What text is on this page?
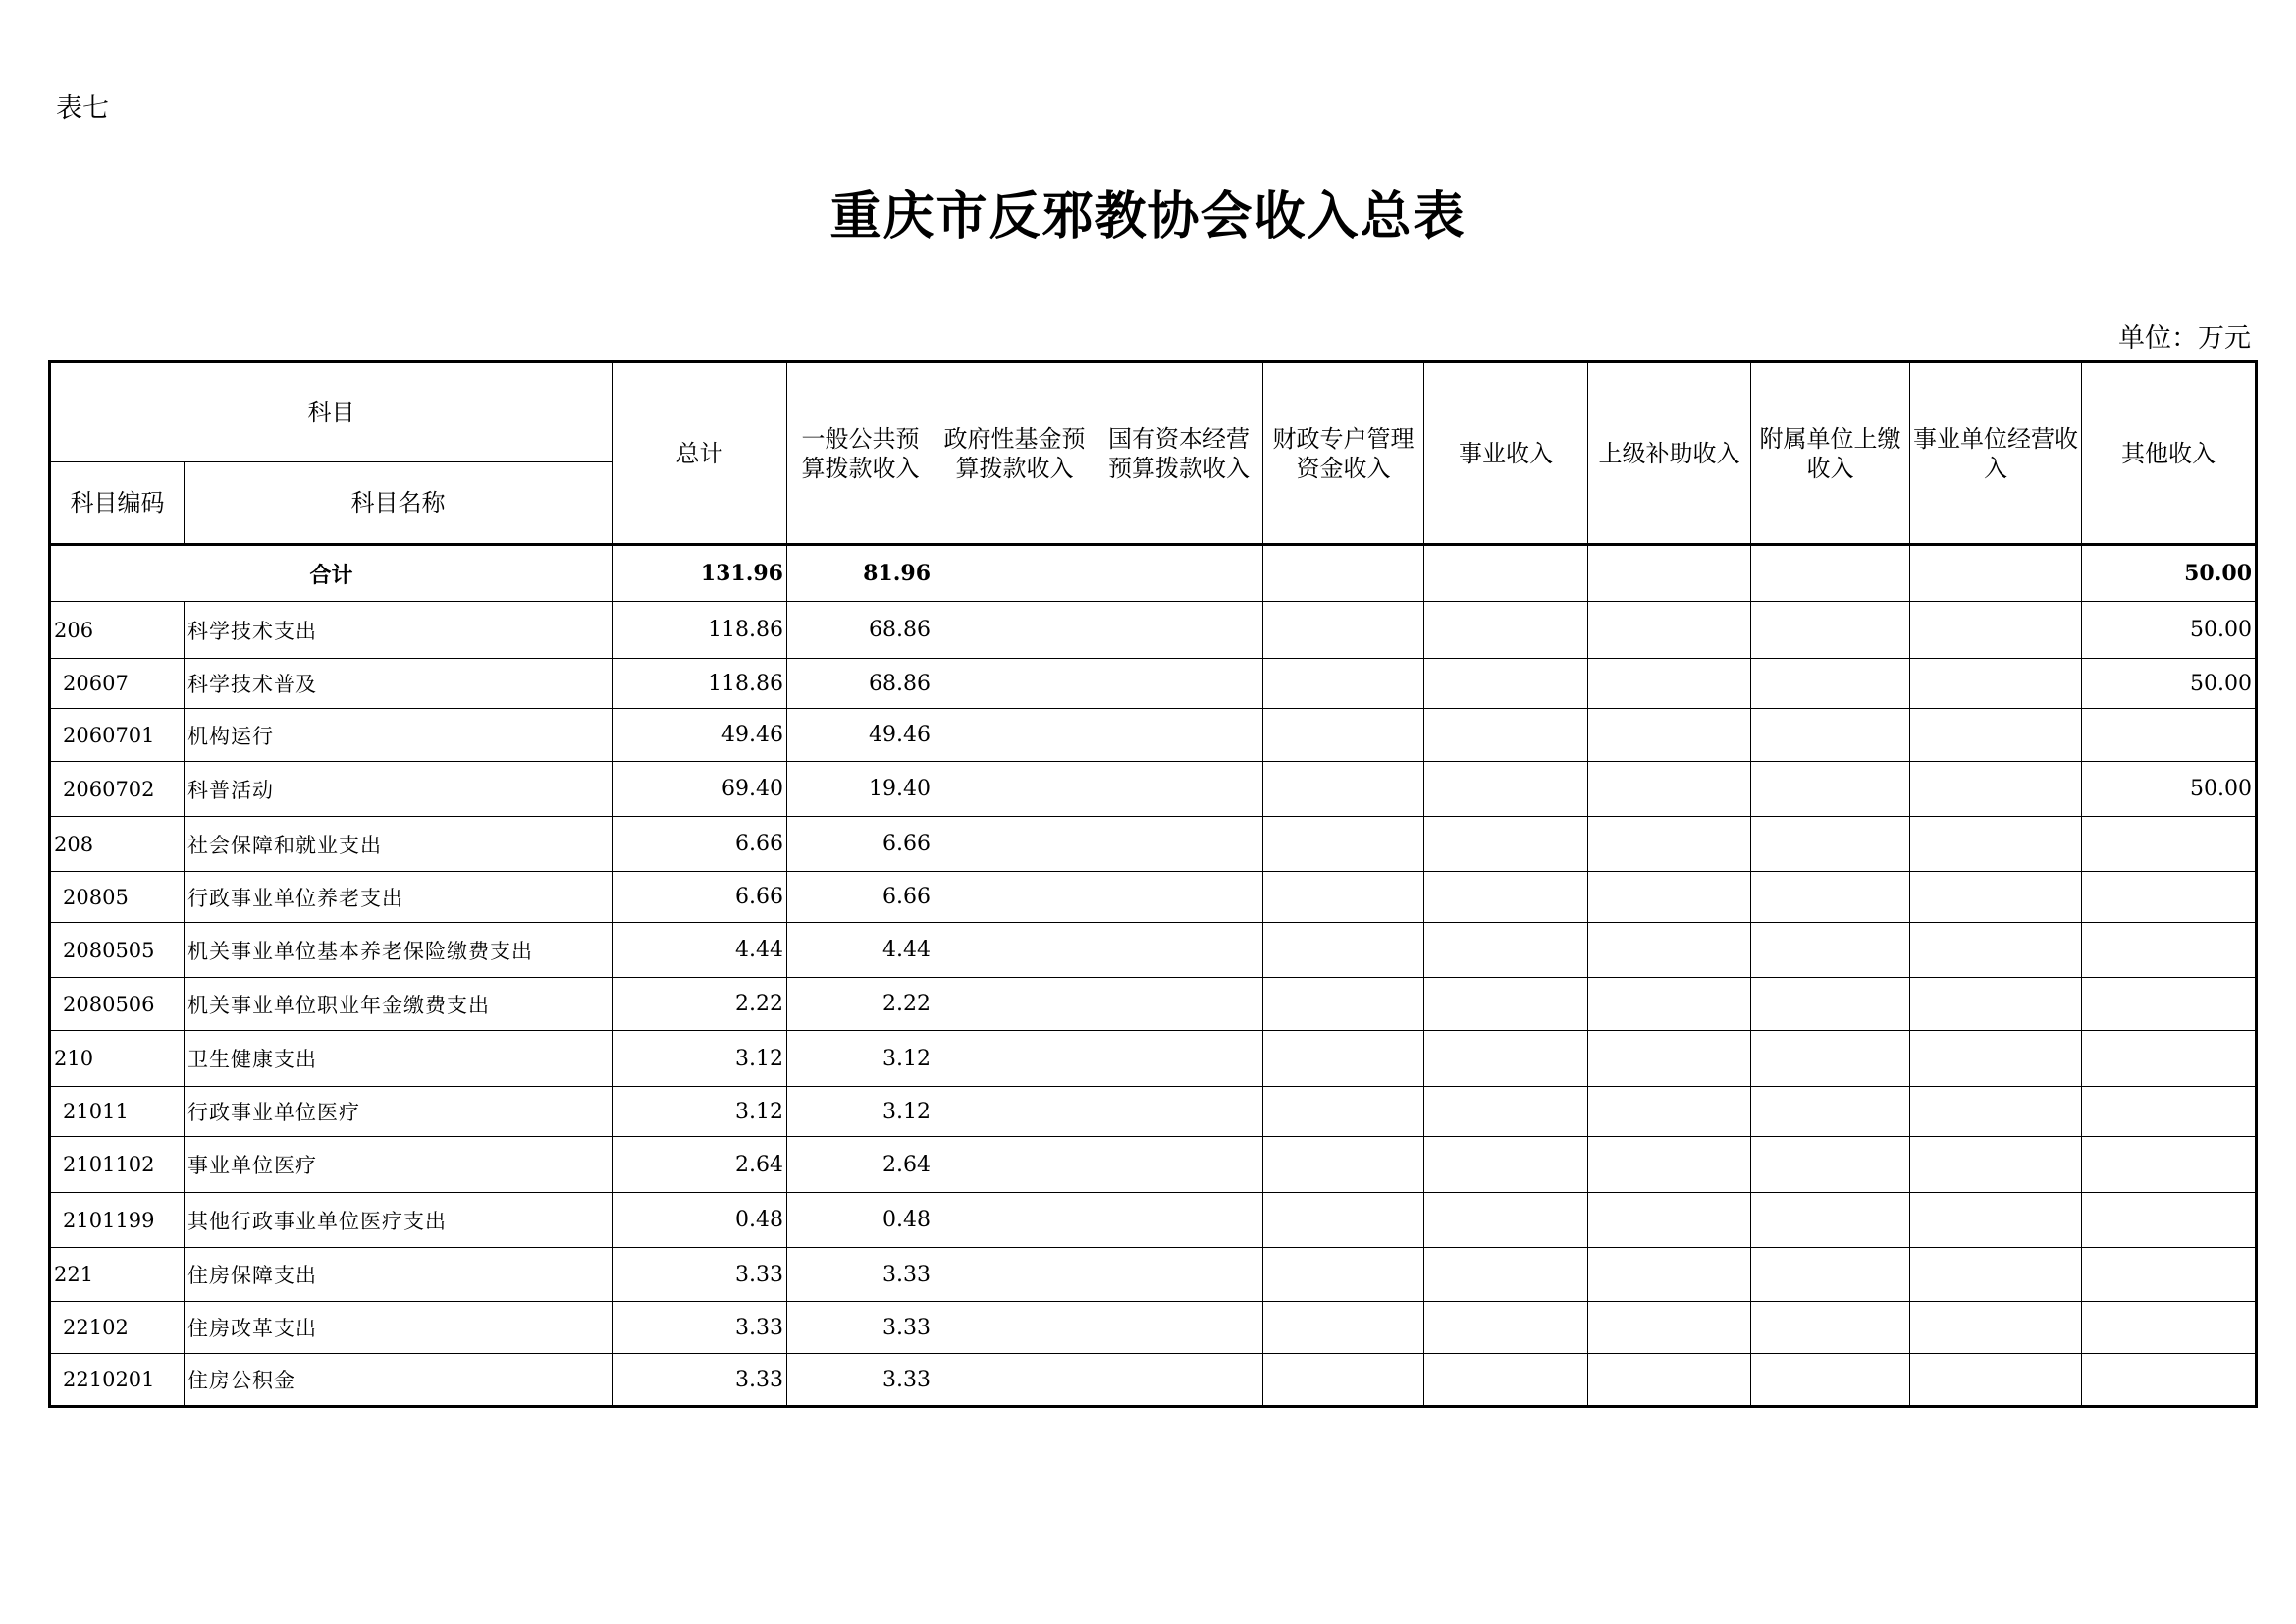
表七
重庆市反邪教协会收入总表
单位：万元
科目		总计	一般公共预算拨款收入	政府性基金预算拨款收入	国有资本经营预算拨款收入	财政专户管理资金收入	事业收入	上级补助收入	附属单位上缴收入	事业单位经营收入	其他收入
科目编码	科目名称										
合计		131.96	81.96								50.00
206	科学技术支出	118.86	68.86								50.00
20607	科学技术普及	118.86	68.86								50.00
2060701	机构运行	49.46	49.46								
2060702	科普活动	69.40	19.40								50.00
208	社会保障和就业支出	6.66	6.66								
20805	行政事业单位养老支出	6.66	6.66								
2080505	机关事业单位基本养老保险缴费支出	4.44	4.44								
2080506	机关事业单位职业年金缴费支出	2.22	2.22								
210	卫生健康支出	3.12	3.12								
21011	行政事业单位医疗	3.12	3.12								
2101102	事业单位医疗	2.64	2.64								
2101199	其他行政事业单位医疗支出	0.48	0.48								
221	住房保障支出	3.33	3.33								
22102	住房改革支出	3.33	3.33								
2210201	住房公积金	3.33	3.33								
